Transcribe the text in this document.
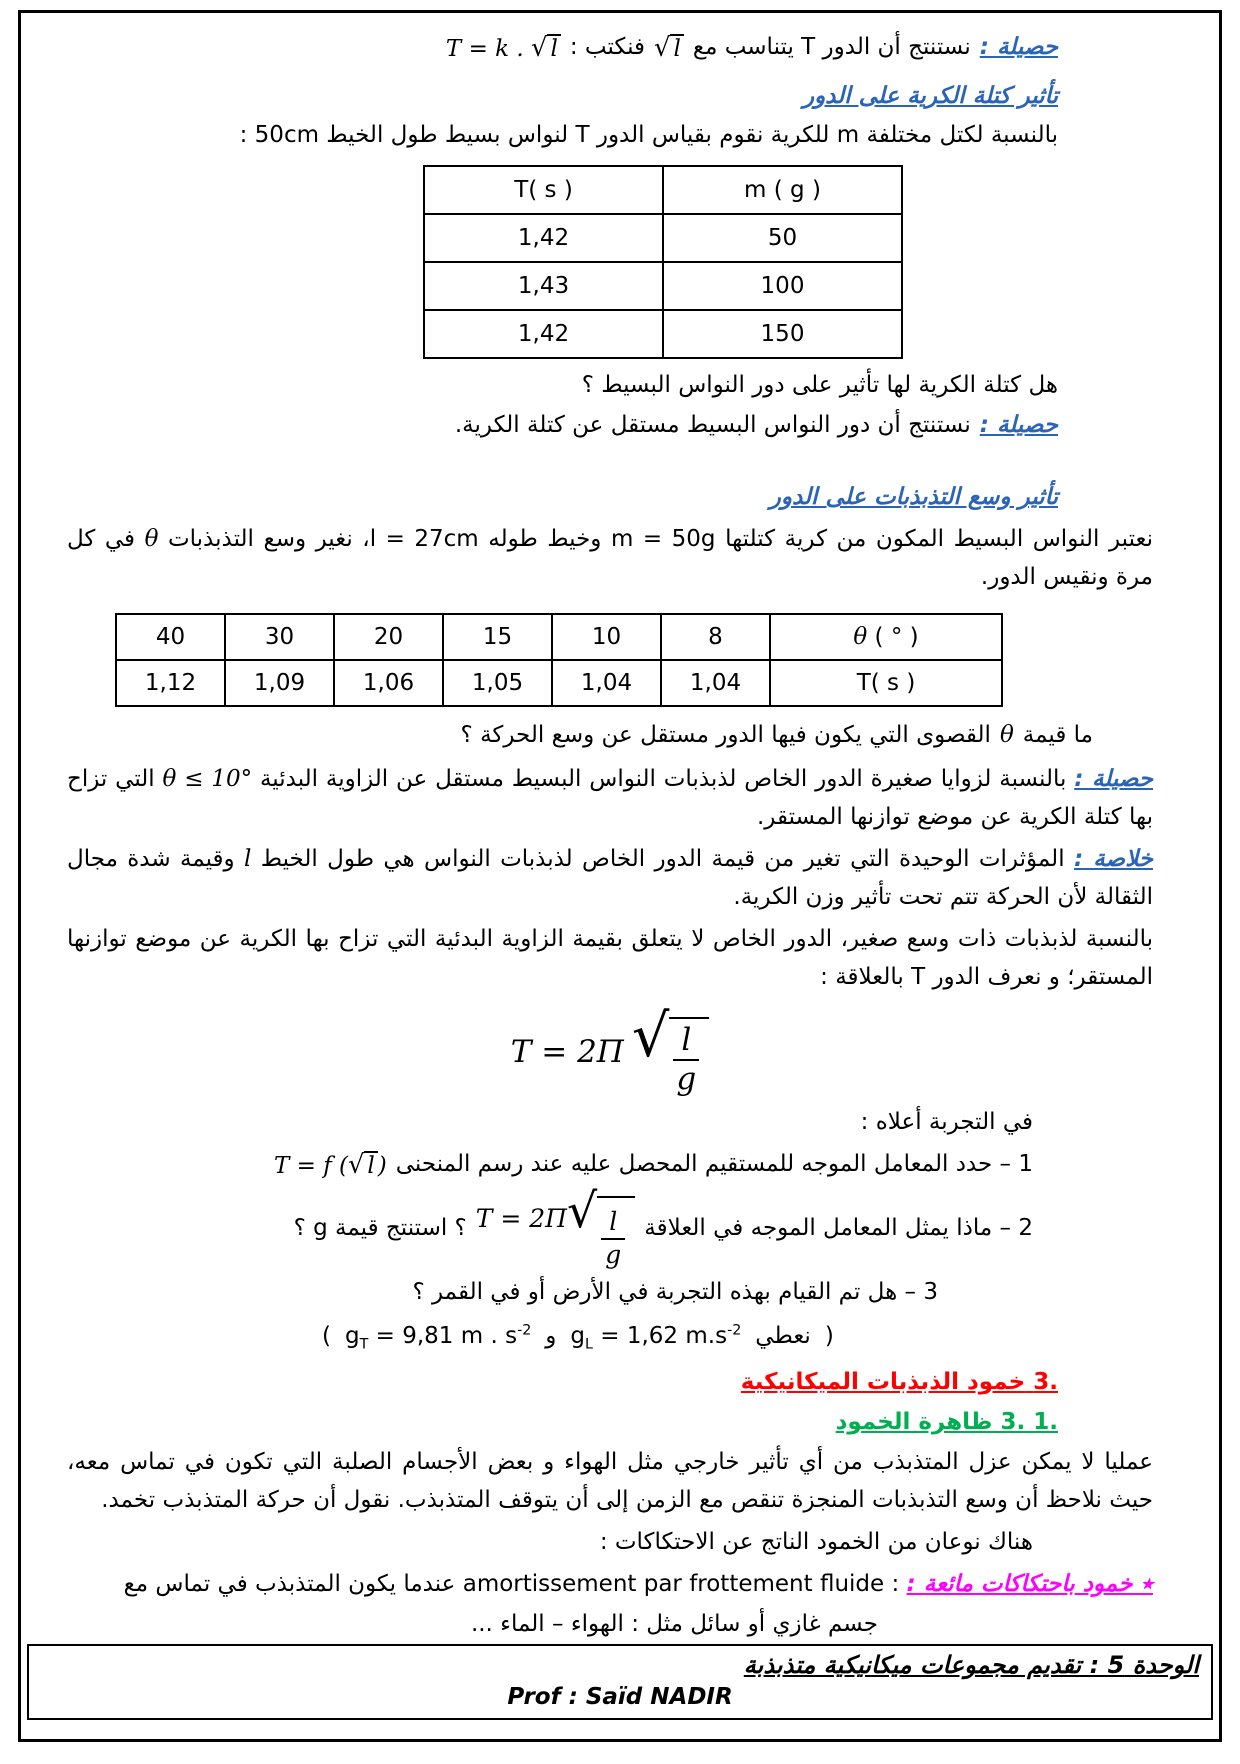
حصيلة :
نستنتج أن الدور T يتناسب مع
√ l
فنكتب :
T = k . √ l
تأثير كتلة الكرية على الدور
بالنسبة لكتل مختلفة m للكرية نقوم بقياس الدور T لنواس بسيط طول الخيط 50cm :
T( s )	m ( g )
1,42	50
1,43	100
1,42	150
هل كتلة الكرية لها تأثير على دور النواس البسيط ؟
حصيلة :
نستنتج أن دور النواس البسيط مستقل عن كتلة الكرية.
تأثير وسع التذبذبات على الدور
نعتبر النواس البسيط المكون من كرية كتلتها m = 50g وخيط طوله l = 27cm، نغير وسع التذبذبات θ في كل مرة ونقيس الدور.
40	30	20	15	10	8	θ ( ° )
1,12	1,09	1,06	1,05	1,04	1,04	T( s )
ما قيمة
θ
القصوى التي يكون فيها الدور مستقل عن وسع الحركة ؟
حصيلة : بالنسبة لزوايا صغيرة الدور الخاص لذبذبات النواس البسيط مستقل عن الزاوية البدئية θ ≤ 10° التي تزاح بها كتلة الكرية عن موضع توازنها المستقر.
خلاصة : المؤثرات الوحيدة التي تغير من قيمة الدور الخاص لذبذبات النواس هي طول الخيط l وقيمة شدة مجال الثقالة لأن الحركة تتم تحت تأثير وزن الكرية.
بالنسبة لذبذبات ذات وسع صغير، الدور الخاص لا يتعلق بقيمة الزاوية البدئية التي تزاح بها الكرية عن موضع توازنها المستقر؛ و نعرف الدور T بالعلاقة :
T = 2Π √ $\frac{l}{g}$
في التجربة أعلاه :
1 – حدد المعامل الموجه للمستقيم المحصل عليه عند رسم المنحنى
T = f (√ l )
2 – ماذا يمثل المعامل الموجه في العلاقة
T = 2Π √ $\frac{l}{g}$
؟ استنتج قيمة g ؟
3 – هل تم القيام بهذه التجربة في الأرض أو في القمر ؟
( $g_T = 9,81$ m . $s^{-2}$ و $g_L = 1,62$ $m.s^{-2}$ نعطي )
3. خمود الذبذبات الميكانيكية
3. 1. ظاهرة الخمود
عمليا لا يمكن عزل المتذبذب من أي تأثير خارجي مثل الهواء و بعض الأجسام الصلبة التي تكون في تماس معه، حيث نلاحظ أن وسع التذبذبات المنجزة تنقص مع الزمن إلى أن يتوقف المتذبذب. نقول أن حركة المتذبذب تخمد.
هناك نوعان من الخمود الناتج عن الاحتكاكات :
٭ خمود باحتكاكات مائعة : amortissement par frottement fluide : عندما يكون المتذبذب في تماس مع
جسم غازي أو سائل مثل : الهواء – الماء ...
الوحدة 5 : تقديم مجموعات ميكانيكية متذبذبة
Prof : Saïd NADIR
